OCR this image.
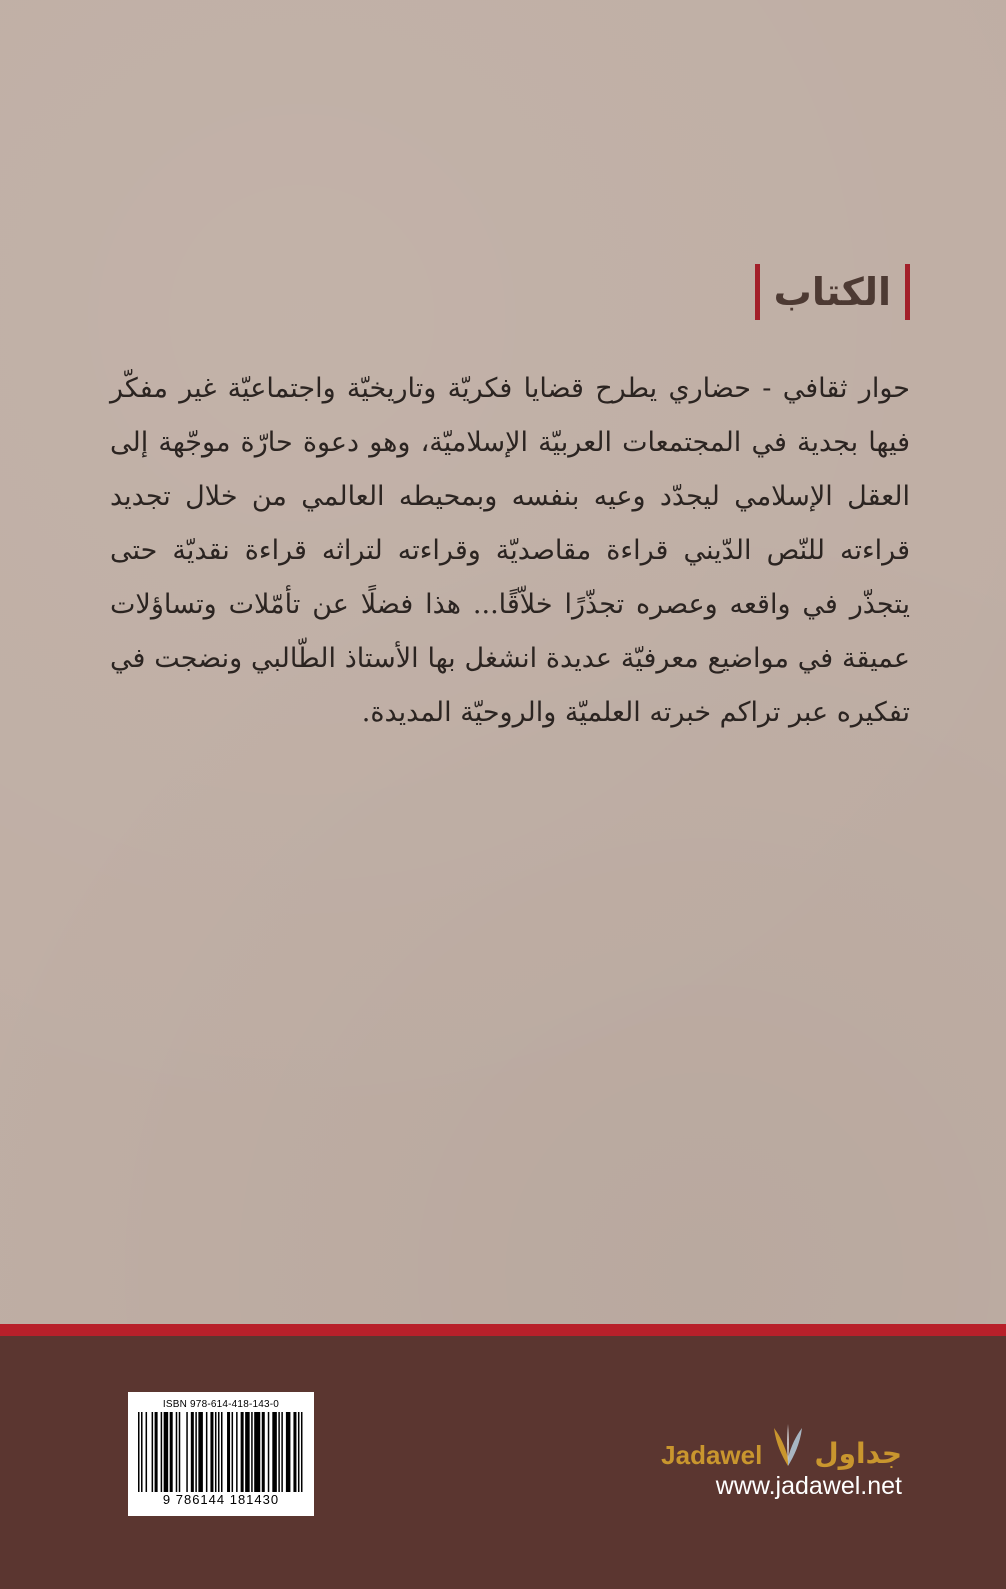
الكتاب

حوار ثقافي - حضاري يطرح قضايا فكريّة وتاريخيّة واجتماعيّة غير مفكّر فيها بجدية في المجتمعات العربيّة الإسلاميّة، وهو دعوة حارّة موجّهة إلى العقل الإسلامي ليجدّد وعيه بنفسه وبمحيطه العالمي من خلال تجديد قراءته للنّص الدّيني قراءة مقاصديّة وقراءته لتراثه قراءة نقديّة حتى يتجذّر في واقعه وعصره تجذّرًا خلاّقًا... هذا فضلًا عن تأمّلات وتساؤلات عميقة في مواضيع معرفيّة عديدة انشغل بها الأستاذ الطّالبي ونضجت في تفكيره عبر تراكم خبرته العلميّة والروحيّة المديدة.

ISBN 978-614-418-143-0
9 786144 181430
Jadawel جداول
www.jadawel.net
